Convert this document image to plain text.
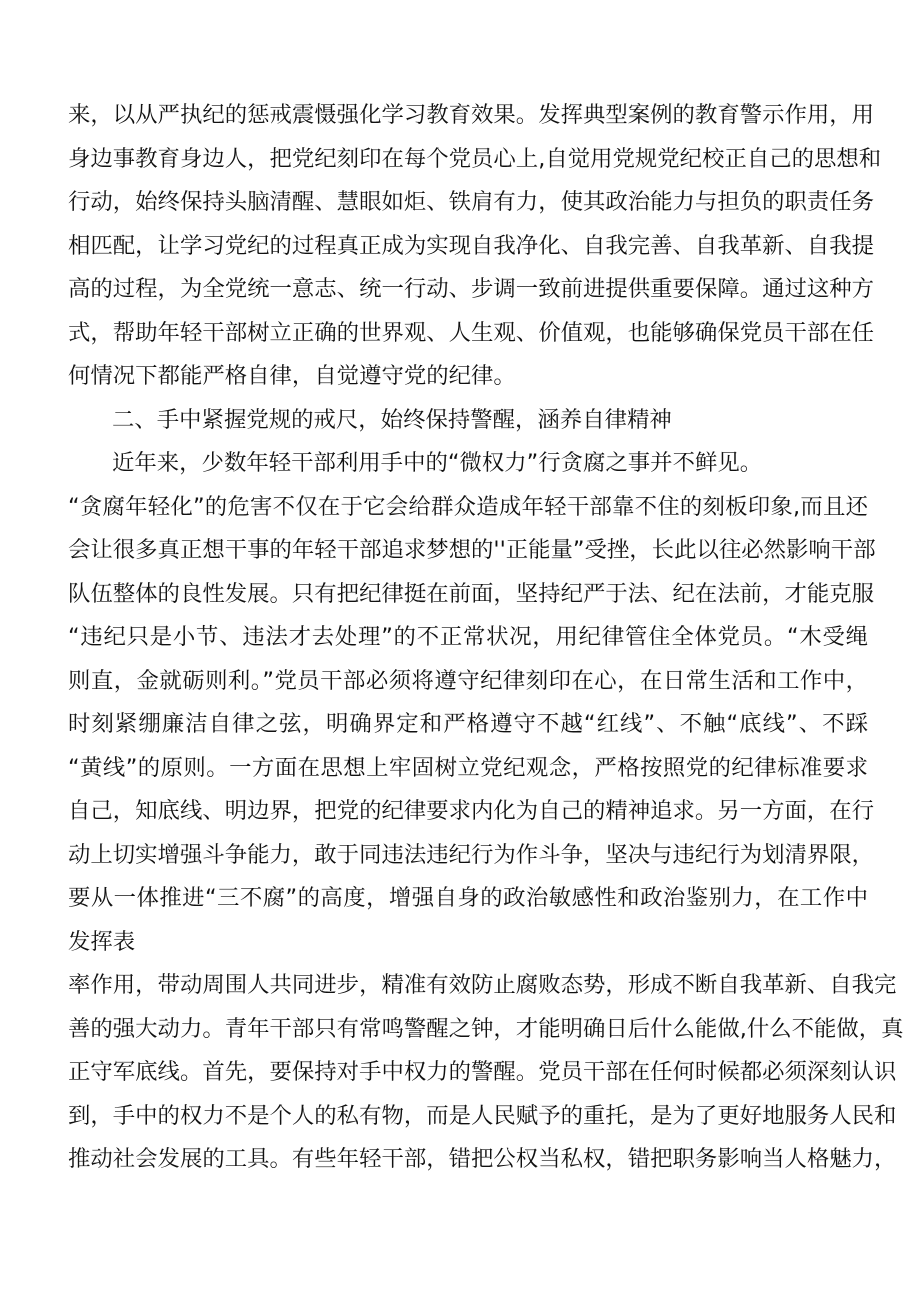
来，以从严执纪的惩戒震慑强化学习教育效果。发挥典型案例的教育警示作用，用
身边事教育身边人，把党纪刻印在每个党员心上,自觉用党规党纪校正自己的思想和
行动，始终保持头脑清醒、慧眼如炬、铁肩有力，使其政治能力与担负的职责任务
相匹配，让学习党纪的过程真正成为实现自我净化、自我完善、自我革新、自我提
高的过程，为全党统一意志、统一行动、步调一致前进提供重要保障。通过这种方
式，帮助年轻干部树立正确的世界观、人生观、价值观，也能够确保党员干部在任
何情况下都能严格自律，自觉遵守党的纪律。
二、手中紧握党规的戒尺，始终保持警醒，涵养自律精神
近年来，少数年轻干部利用手中的“微权力”行贪腐之事并不鲜见。
“贪腐年轻化”的危害不仅在于它会给群众造成年轻干部靠不住的刻板印象,而且还
会让很多真正想干事的年轻干部追求梦想的''正能量”受挫，长此以往必然影响干部
队伍整体的良性发展。只有把纪律挺在前面，坚持纪严于法、纪在法前，才能克服
“违纪只是小节、违法才去处理”的不正常状况，用纪律管住全体党员。“木受绳
则直，金就砺则利。”党员干部必须将遵守纪律刻印在心，在日常生活和工作中，
时刻紧绷廉洁自律之弦，明确界定和严格遵守不越“红线”、不触“底线”、不踩
“黄线”的原则。一方面在思想上牢固树立党纪观念，严格按照党的纪律标准要求
自己，知底线、明边界，把党的纪律要求内化为自己的精神追求。另一方面，在行
动上切实增强斗争能力，敢于同违法违纪行为作斗争，坚决与违纪行为划清界限，
要从一体推进“三不腐”的高度，增强自身的政治敏感性和政治鉴别力，在工作中
发挥表
率作用，带动周围人共同进步，精准有效防止腐败态势，形成不断自我革新、自我完
善的强大动力。青年干部只有常鸣警醒之钟，才能明确日后什么能做,什么不能做，真
正守军底线。首先，要保持对手中权力的警醒。党员干部在任何时候都必须深刻认识
到，手中的权力不是个人的私有物，而是人民赋予的重托，是为了更好地服务人民和
推动社会发展的工具。有些年轻干部，错把公权当私权，错把职务影响当人格魅力，
